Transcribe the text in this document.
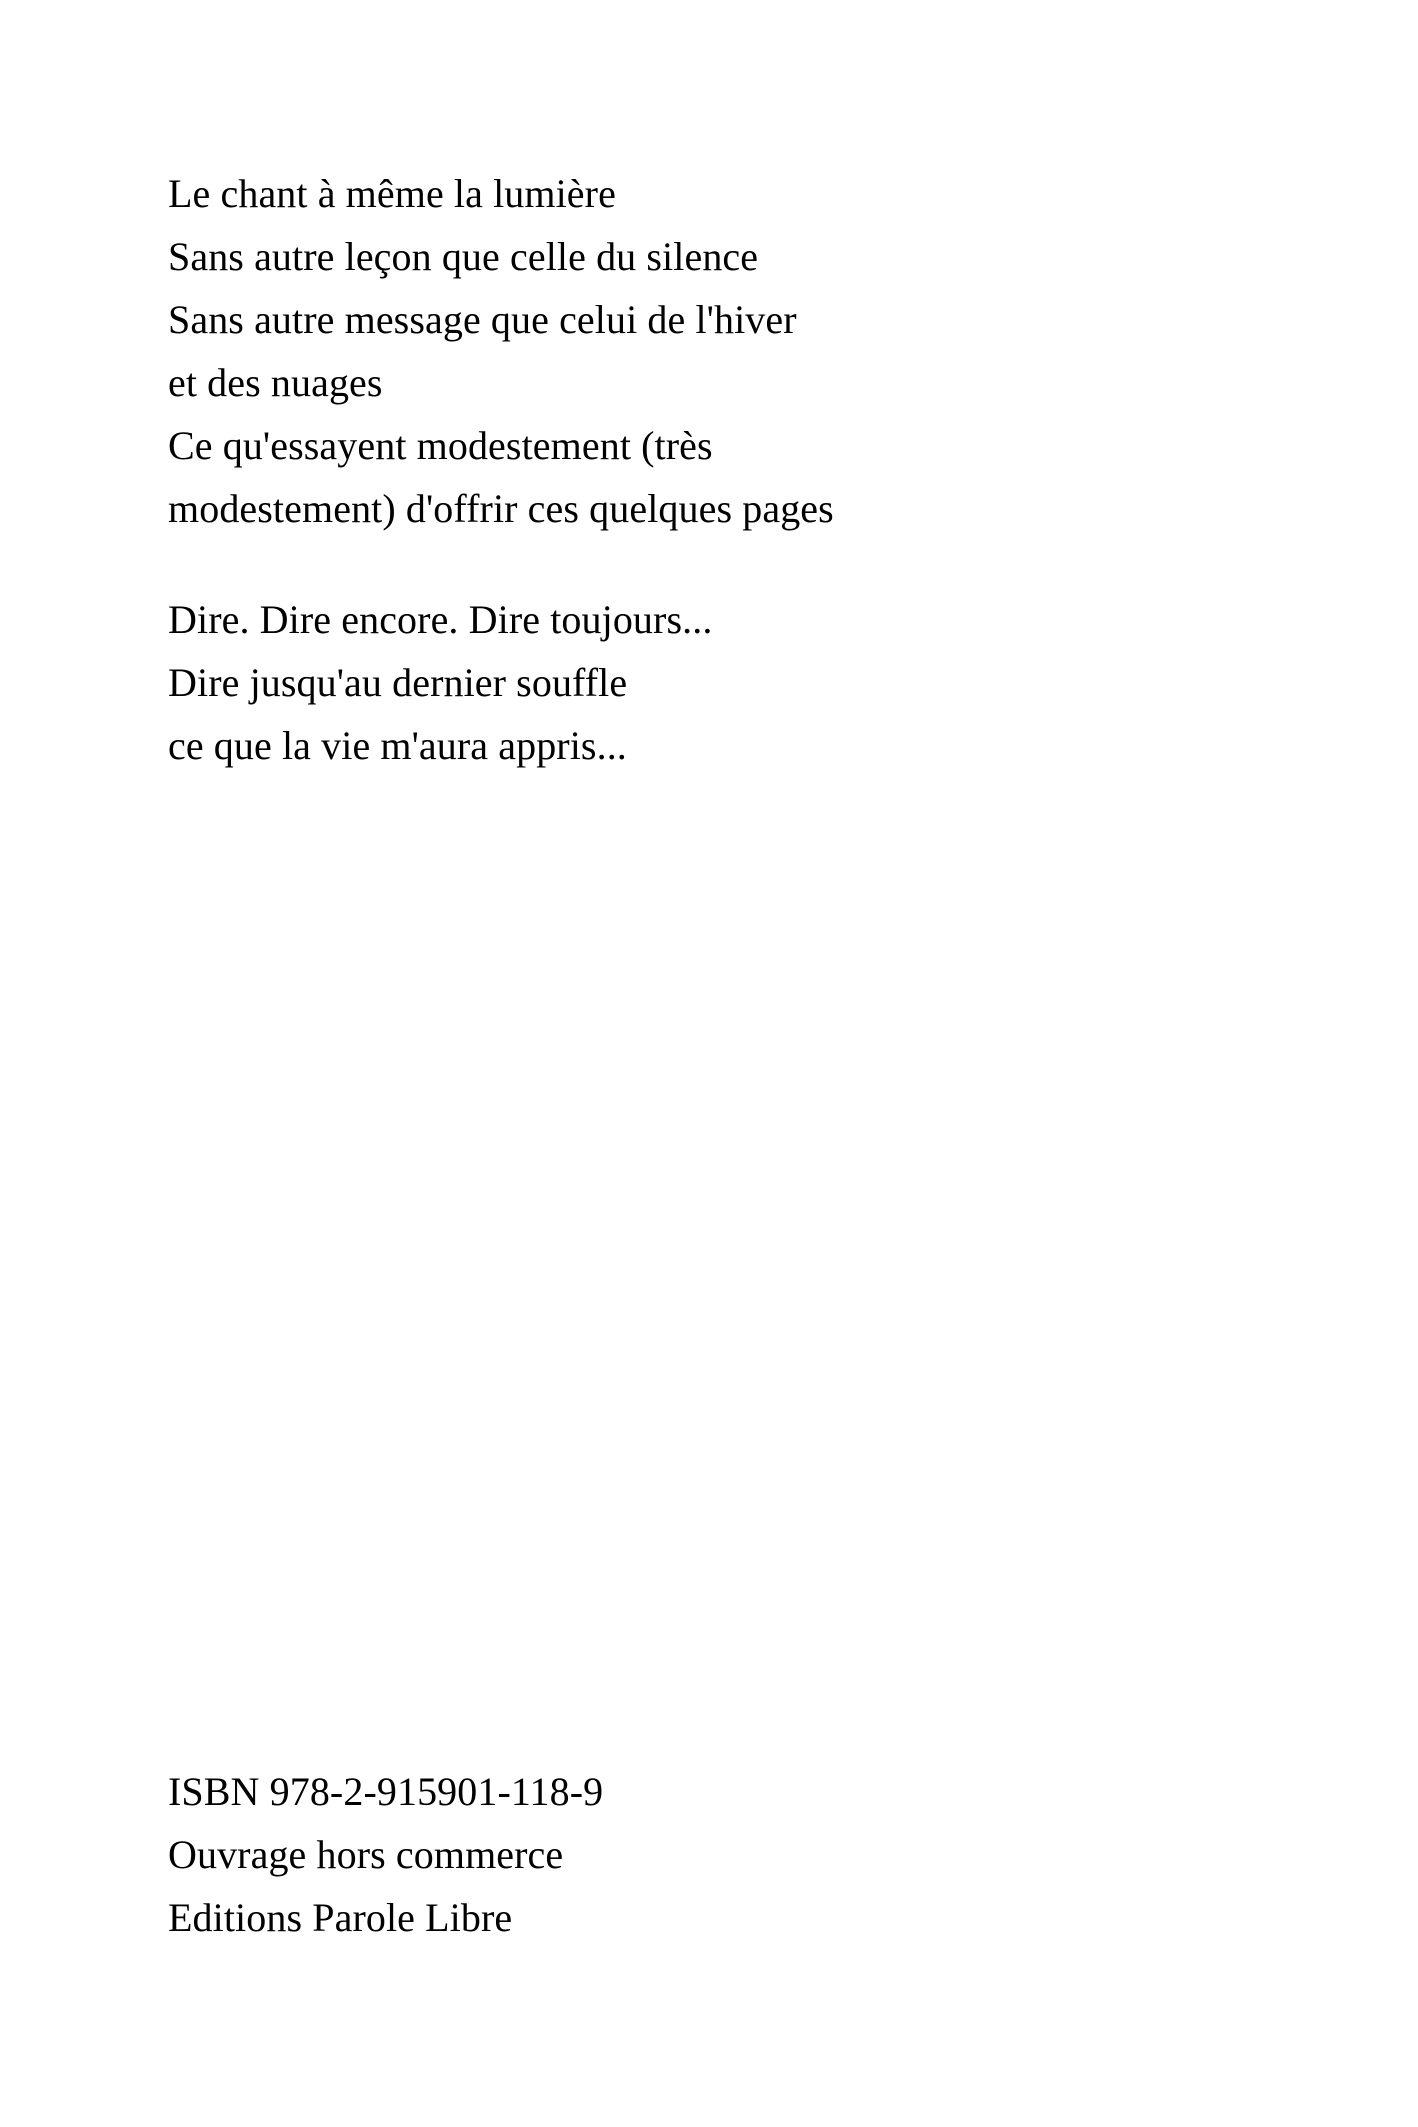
Le chant à même la lumière
Sans autre leçon que celle du silence
Sans autre message que celui de l'hiver
et des nuages
Ce qu'essayent modestement (très
modestement) d'offrir ces quelques pages
Dire. Dire encore. Dire toujours...
Dire jusqu'au dernier souffle
ce que la vie m'aura appris...
ISBN 978-2-915901-118-9
Ouvrage hors commerce
Editions Parole Libre
